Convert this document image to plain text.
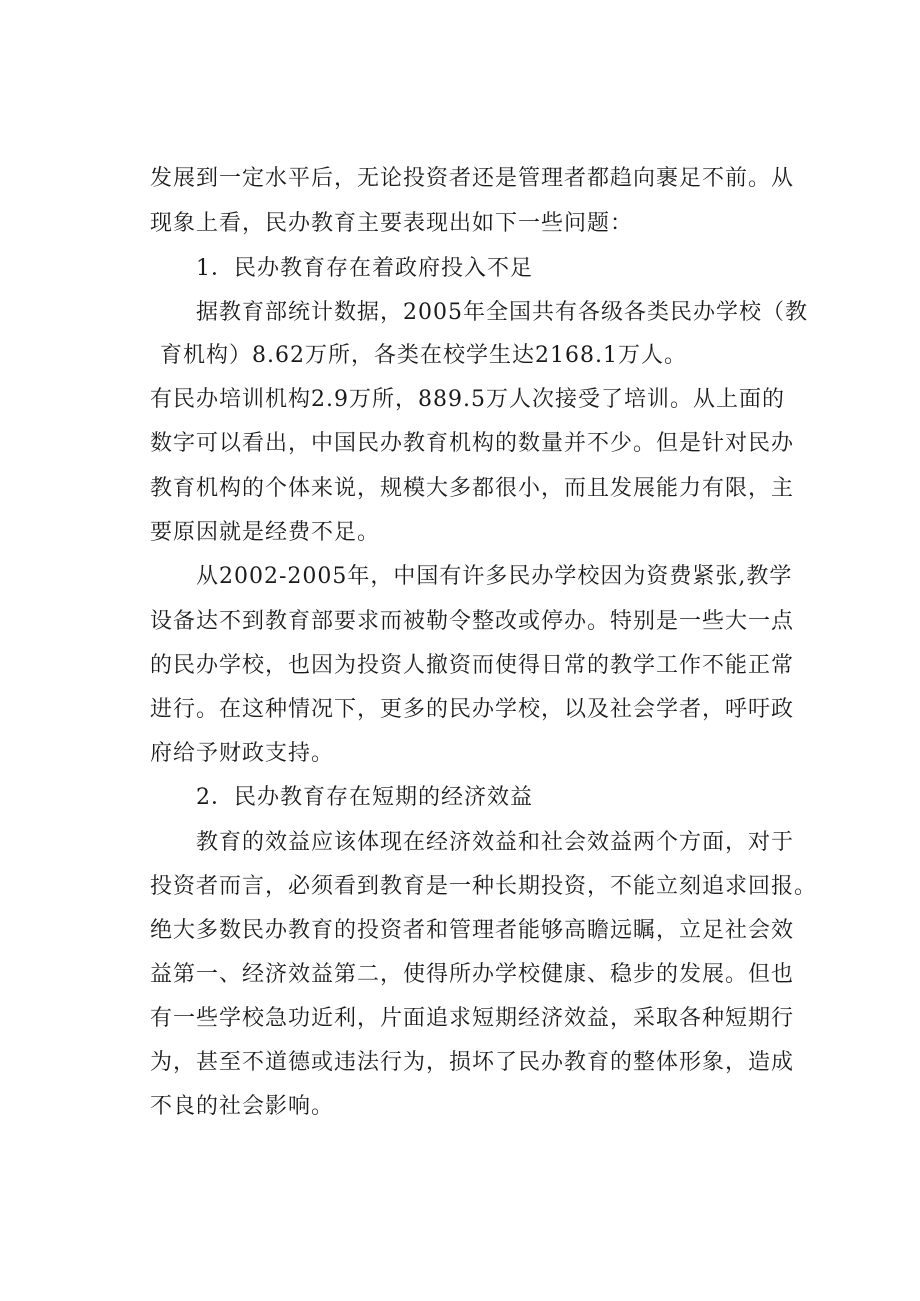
发展到一定水平后，无论投资者还是管理者都趋向裹足不前。从
现象上看，民办教育主要表现出如下一些问题：
1．民办教育存在着政府投入不足
据教育部统计数据，2005年全国共有各级各类民办学校（教
育机构）8.62万所，各类在校学生达2168.1万人。
有民办培训机构2.9万所，889.5万人次接受了培训。从上面的
数字可以看出，中国民办教育机构的数量并不少。但是针对民办
教育机构的个体来说，规模大多都很小，而且发展能力有限，主
要原因就是经费不足。
从2002-2005年，中国有许多民办学校因为资费紧张,教学
设备达不到教育部要求而被勒令整改或停办。特别是一些大一点
的民办学校，也因为投资人撤资而使得日常的教学工作不能正常
进行。在这种情况下，更多的民办学校，以及社会学者，呼吁政
府给予财政支持。
2．民办教育存在短期的经济效益
教育的效益应该体现在经济效益和社会效益两个方面，对于
投资者而言，必须看到教育是一种长期投资，不能立刻追求回报。
绝大多数民办教育的投资者和管理者能够高瞻远瞩，立足社会效
益第一、经济效益第二，使得所办学校健康、稳步的发展。但也
有一些学校急功近利，片面追求短期经济效益，采取各种短期行
为，甚至不道德或违法行为，损坏了民办教育的整体形象，造成
不良的社会影响。
